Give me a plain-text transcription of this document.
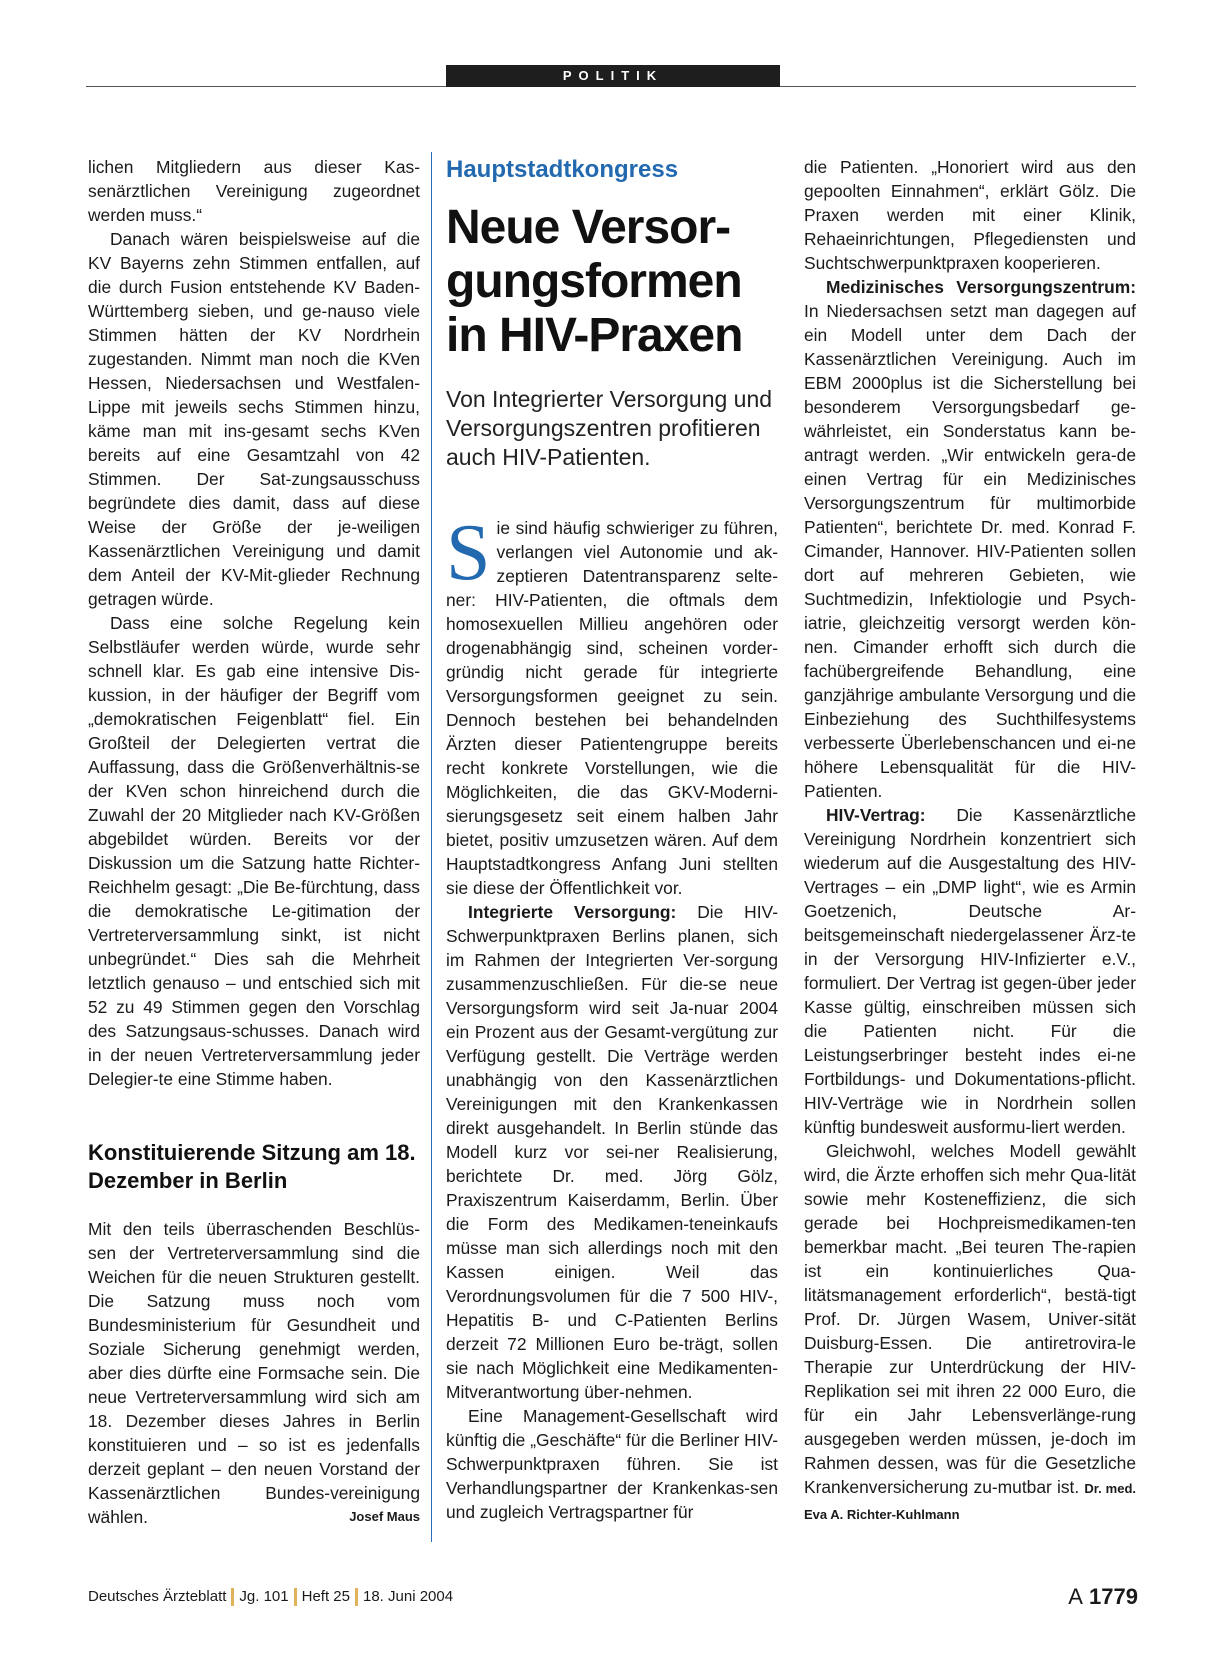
POLITIK

lichen Mitgliedern aus dieser Kas-senärztlichen Vereinigung zugeordnet werden muss.“

Danach wären beispielsweise auf die KV Bayerns zehn Stimmen entfallen, auf die durch Fusion entstehende KV Baden-Württemberg sieben, und ge-nauso viele Stimmen hätten der KV Nordrhein zugestanden. Nimmt man noch die KVen Hessen, Niedersachsen und Westfalen-Lippe mit jeweils sechs Stimmen hinzu, käme man mit ins-gesamt sechs KVen bereits auf eine Gesamtzahl von 42 Stimmen. Der Sat-zungsausschuss begründete dies damit, dass auf diese Weise der Größe der je-weiligen Kassenärztlichen Vereinigung und damit dem Anteil der KV-Mit-glieder Rechnung getragen würde.

Dass eine solche Regelung kein Selbstläufer werden würde, wurde sehr schnell klar. Es gab eine intensive Dis-kussion, in der häufiger der Begriff vom „demokratischen Feigenblatt“ fiel. Ein Großteil der Delegierten vertrat die Auffassung, dass die Größenverhältnis-se der KVen schon hinreichend durch die Zuwahl der 20 Mitglieder nach KV-Größen abgebildet würden. Bereits vor der Diskussion um die Satzung hatte Richter-Reichhelm gesagt: „Die Be-fürchtung, dass die demokratische Le-gitimation der Vertreterversammlung sinkt, ist nicht unbegründet.“ Dies sah die Mehrheit letztlich genauso – und entschied sich mit 52 zu 49 Stimmen gegen den Vorschlag des Satzungsaus-schusses. Danach wird in der neuen Vertreterversammlung jeder Delegier-te eine Stimme haben.

Konstituierende Sitzung am 18. Dezember in Berlin

Mit den teils überraschenden Beschlüs-sen der Vertreterversammlung sind die Weichen für die neuen Strukturen gestellt. Die Satzung muss noch vom Bundesministerium für Gesundheit und Soziale Sicherung genehmigt werden, aber dies dürfte eine Formsache sein. Die neue Vertreterversammlung wird sich am 18. Dezember dieses Jahres in Berlin konstituieren und – so ist es jedenfalls derzeit geplant – den neuen Vorstand der Kassenärztlichen Bundes-vereinigung wählen.	Josef Maus

Hauptstadtkongress
Neue Versor-gungsformen in HIV-Praxen
Von Integrierter Versorgung und Versorgungszentren profitieren auch HIV-Patienten.

Sie sind häufig schwieriger zu führen, verlangen viel Autonomie und ak-zeptieren Datentransparenz selte-ner: HIV-Patienten, die oftmals dem homosexuellen Millieu angehören oder drogenabhängig sind, scheinen vorder-gründig nicht gerade für integrierte Versorgungsformen geeignet zu sein. Dennoch bestehen bei behandelnden Ärzten dieser Patientengruppe bereits recht konkrete Vorstellungen, wie die Möglichkeiten, die das GKV-Moderni-sierungsgesetz seit einem halben Jahr bietet, positiv umzusetzen wären. Auf dem Hauptstadtkongress Anfang Juni stellten sie diese der Öffentlichkeit vor.

Integrierte Versorgung: Die HIV-Schwerpunktpraxen Berlins planen, sich im Rahmen der Integrierten Ver-sorgung zusammenzuschließen. Für die-se neue Versorgungsform wird seit Ja-nuar 2004 ein Prozent aus der Gesamt-vergütung zur Verfügung gestellt. Die Verträge werden unabhängig von den Kassenärztlichen Vereinigungen mit den Krankenkassen direkt ausgehandelt. In Berlin stünde das Modell kurz vor sei-ner Realisierung, berichtete Dr. med. Jörg Gölz, Praxiszentrum Kaiserdamm, Berlin. Über die Form des Medikamen-teneinkaufs müsse man sich allerdings noch mit den Kassen einigen. Weil das Verordnungsvolumen für die 7 500 HIV-, Hepatitis B- und C-Patienten Berlins derzeit 72 Millionen Euro be-trägt, sollen sie nach Möglichkeit eine Medikamenten-Mitverantwortung über-nehmen.

Eine Management-Gesellschaft wird künftig die „Geschäfte“ für die Berliner HIV-Schwerpunktpraxen führen. Sie ist Verhandlungspartner der Krankenkas-sen und zugleich Vertragspartner für

die Patienten. „Honoriert wird aus den gepoolten Einnahmen“, erklärt Gölz. Die Praxen werden mit einer Klinik, Rehaeinrichtungen, Pflegediensten und Suchtschwerpunktpraxen kooperieren.

Medizinisches Versorgungszentrum: In Niedersachsen setzt man dagegen auf ein Modell unter dem Dach der Kassenärztlichen Vereinigung. Auch im EBM 2000plus ist die Sicherstellung bei besonderem Versorgungsbedarf ge-währleistet, ein Sonderstatus kann be-antragt werden. „Wir entwickeln gera-de einen Vertrag für ein Medizinisches Versorgungszentrum für multimorbide Patienten“, berichtete Dr. med. Konrad F. Cimander, Hannover. HIV-Patienten sollen dort auf mehreren Gebieten, wie Suchtmedizin, Infektiologie und Psych-iatrie, gleichzeitig versorgt werden kön-nen. Cimander erhofft sich durch die fachübergreifende Behandlung, eine ganzjährige ambulante Versorgung und die Einbeziehung des Suchthilfesystems verbesserte Überlebenschancen und ei-ne höhere Lebensqualität für die HIV-Patienten.

HIV-Vertrag: Die Kassenärztliche Vereinigung Nordrhein konzentriert sich wiederum auf die Ausgestaltung des HIV-Vertrages – ein „DMP light“, wie es Armin Goetzenich, Deutsche Ar-beitsgemeinschaft niedergelassener Ärz-te in der Versorgung HIV-Infizierter e.V., formuliert. Der Vertrag ist gegen-über jeder Kasse gültig, einschreiben müssen sich die Patienten nicht. Für die Leistungserbringer besteht indes ei-ne Fortbildungs- und Dokumentations-pflicht. HIV-Verträge wie in Nordrhein sollen künftig bundesweit ausformu-liert werden.

Gleichwohl, welches Modell gewählt wird, die Ärzte erhoffen sich mehr Qua-lität sowie mehr Kosteneffizienz, die sich gerade bei Hochpreismedikamen-ten bemerkbar macht. „Bei teuren The-rapien ist ein kontinuierliches Qua-litätsmanagement erforderlich“, bestä-tigt Prof. Dr. Jürgen Wasem, Univer-sität Duisburg-Essen. Die antiretrovira-le Therapie zur Unterdrückung der HIV-Replikation sei mit ihren 22 000 Euro, die für ein Jahr Lebensverlänge-rung ausgegeben werden müssen, je-doch im Rahmen dessen, was für die Gesetzliche Krankenversicherung zu-mutbar ist. Dr. med. Eva A. Richter-Kuhlmann

Deutsches Ärzteblatt Jg. 101 Heft 25 18. Juni 2004	A 1779
